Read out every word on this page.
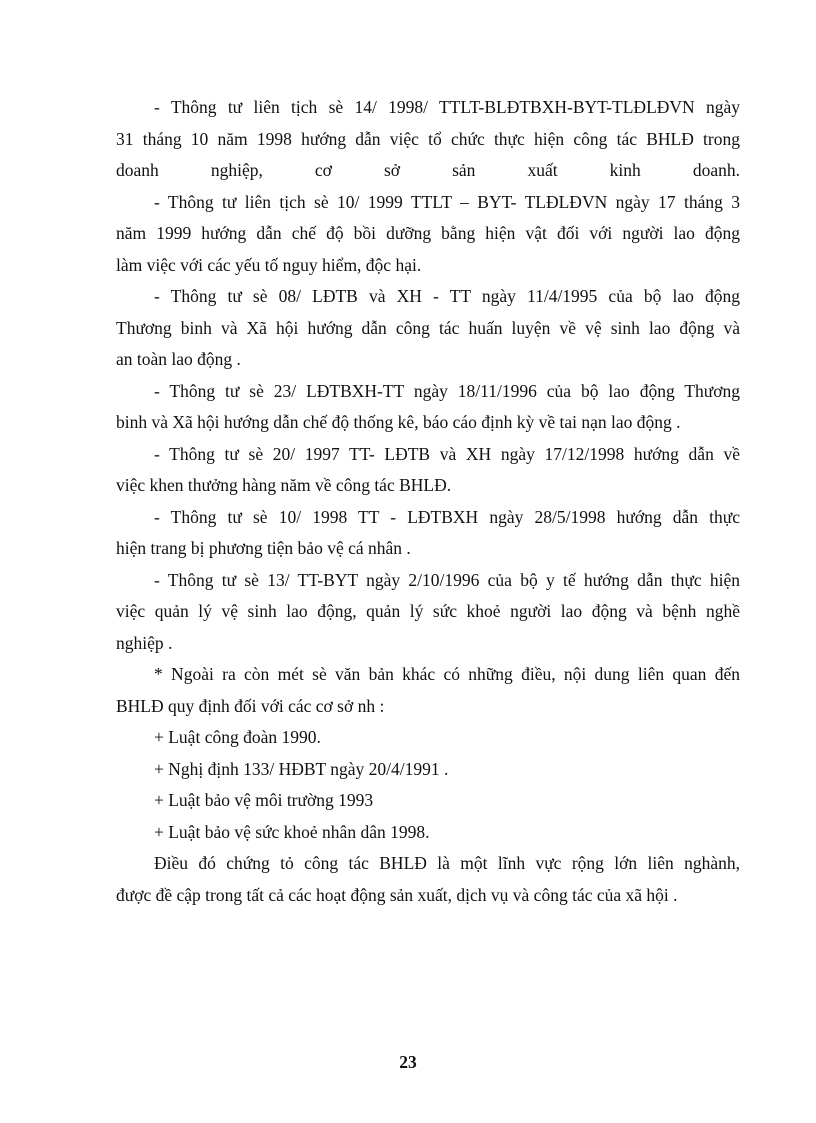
- Thông tư liên tịch sè 14/ 1998/ TTLT-BLĐTBXH-BYT-TLĐLĐVN ngày

31 tháng 10 năm 1998 hướng dẫn việc tổ chức thực hiện công tác BHLĐ trong

doanh nghiệp, cơ sở sản xuất kinh doanh.

- Thông tư liên tịch sè 10/ 1999 TTLT – BYT- TLĐLĐVN ngày 17 tháng 3

năm 1999 hướng dẫn chế độ bồi dưỡng bằng hiện vật đối với người lao động

làm việc với các yếu tố nguy hiểm, độc hại.

- Thông tư sè 08/ LĐTB và XH - TT ngày 11/4/1995 của bộ lao động

Thương binh và Xã hội hướng dẫn công tác huấn luyện về vệ sinh lao động và

an toàn lao động .

- Thông tư sè 23/ LĐTBXH-TT ngày 18/11/1996 của bộ lao động Thương

binh và Xã hội hướng dẫn chế độ thống kê, báo cáo định kỳ về tai nạn lao động .

- Thông tư sè 20/ 1997 TT- LĐTB và XH ngày 17/12/1998 hướng dẫn về

việc khen thưởng hàng năm về công tác BHLĐ.

- Thông tư sè 10/ 1998 TT - LĐTBXH ngày 28/5/1998 hướng dẫn thực

hiện trang bị phương tiện bảo vệ cá nhân .

- Thông tư sè 13/ TT-BYT ngày 2/10/1996 của bộ y tế hướng dẫn thực hiện

việc quản lý vệ sinh lao động, quản lý sức khoẻ người lao động và bệnh nghề

nghiệp .

* Ngoài ra còn mét sè văn bản khác có những điều, nội dung liên quan đến

BHLĐ quy định đối với các cơ sở nh :

+ Luật công đoàn 1990.

+ Nghị định 133/ HĐBT ngày 20/4/1991 .

+ Luật bảo vệ môi trường 1993

+ Luật bảo vệ sức khoẻ nhân dân 1998.

Điều đó chứng tỏ công tác BHLĐ là một lĩnh vực rộng lớn liên nghành,

được đề cập trong tất cả các hoạt động sản xuất, dịch vụ và công tác của xã hội .

23
